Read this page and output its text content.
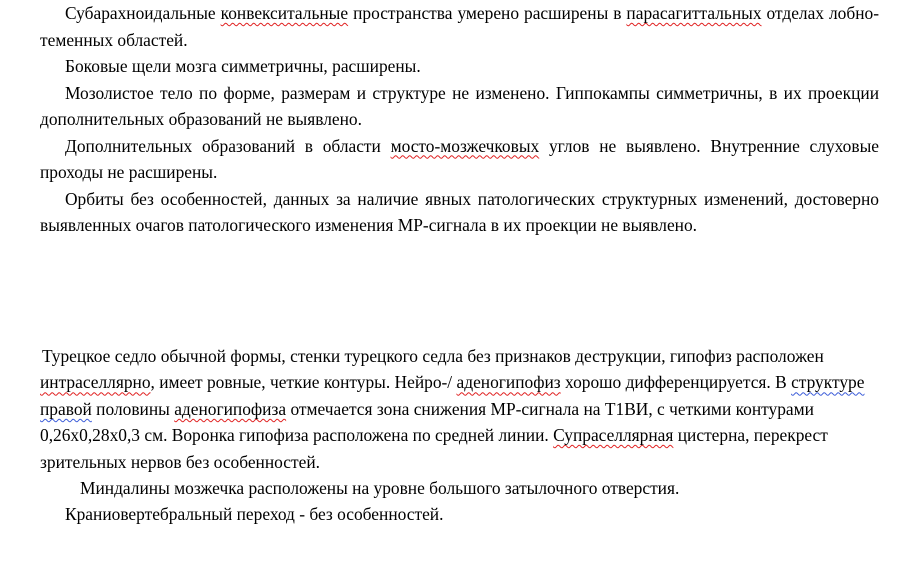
Субарахноидальные конвекситальные пространства умерено расширены в парасагиттальных отделах лобно-теменных областей.

Боковые щели мозга симметричны, расширены.

Мозолистое тело по форме, размерам и структуре не изменено. Гиппокампы симметричны, в их проекции дополнительных образований не выявлено.

Дополнительных образований в области мосто-мозжечковых углов не выявлено. Внутренние слуховые проходы не расширены.

Орбиты без особенностей, данных за наличие явных патологических структурных изменений, достоверно выявленных очагов патологического изменения МР-сигнала в их проекции не выявлено.

Турецкое седло обычной формы, стенки турецкого седла без признаков деструкции, гипофиз расположен интраселлярно, имеет ровные, четкие контуры. Нейро-/ аденогипофиз хорошо дифференцируется. В структуре правой половины аденогипофиза отмечается зона снижения МР-сигнала на Т1ВИ, с четкими контурами 0,26х0,28х0,3 см. Воронка гипофиза расположена по средней линии. Супраселлярная цистерна, перекрест зрительных нервов без особенностей.

Миндалины мозжечка расположены на уровне большого затылочного отверстия.

Краниовертебральный переход - без особенностей.
